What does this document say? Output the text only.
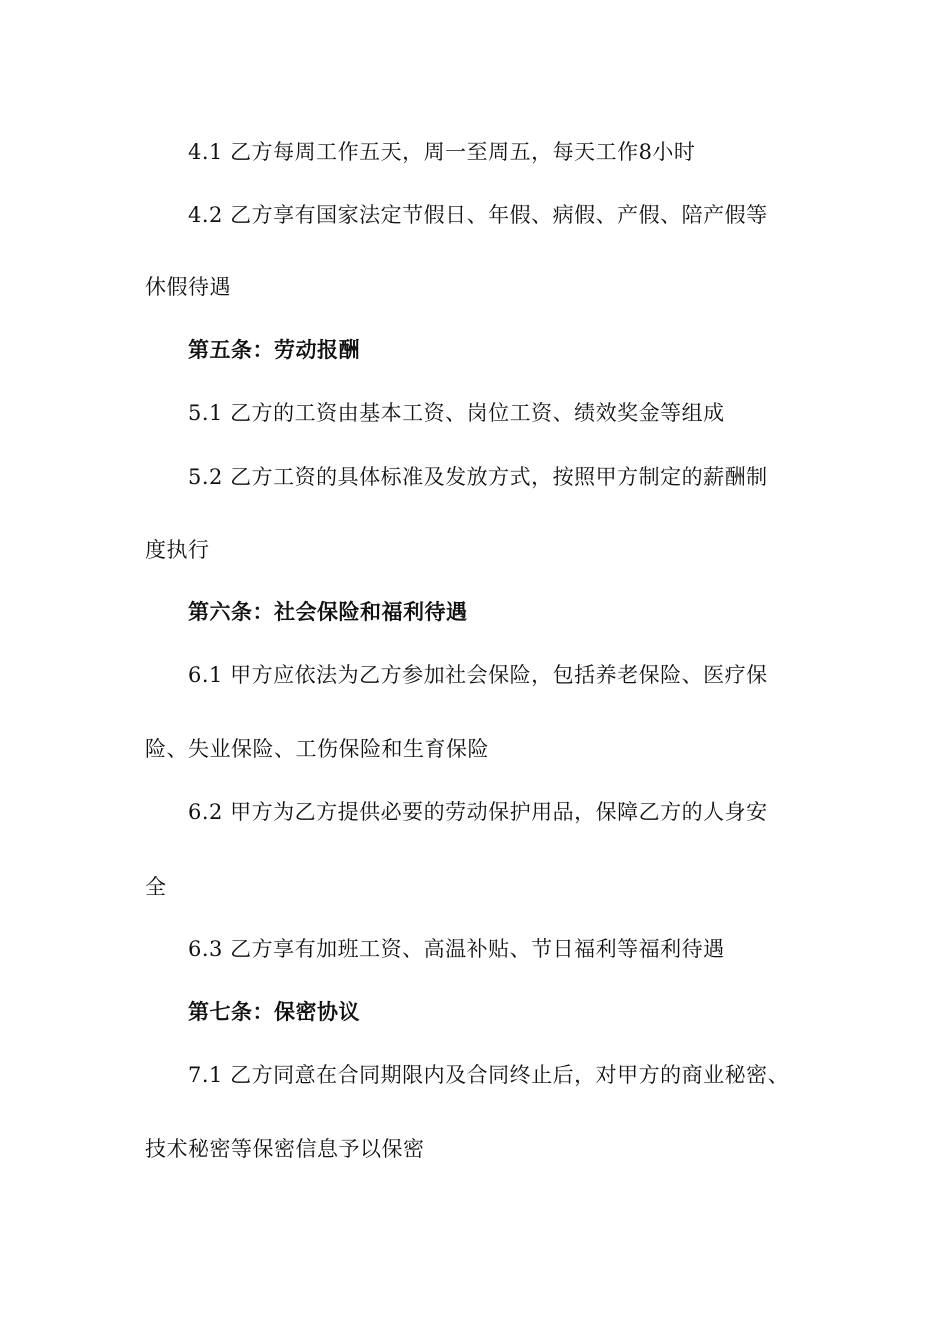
4.1 乙方每周工作五天，周一至周五，每天工作8小时
4.2 乙方享有国家法定节假日、年假、病假、产假、陪产假等
休假待遇
第五条：劳动报酬
5.1 乙方的工资由基本工资、岗位工资、绩效奖金等组成
5.2 乙方工资的具体标准及发放方式，按照甲方制定的薪酬制
度执行
第六条：社会保险和福利待遇
6.1 甲方应依法为乙方参加社会保险，包括养老保险、医疗保
险、失业保险、工伤保险和生育保险
6.2 甲方为乙方提供必要的劳动保护用品，保障乙方的人身安
全
6.3 乙方享有加班工资、高温补贴、节日福利等福利待遇
第七条：保密协议
7.1 乙方同意在合同期限内及合同终止后，对甲方的商业秘密、
技术秘密等保密信息予以保密
